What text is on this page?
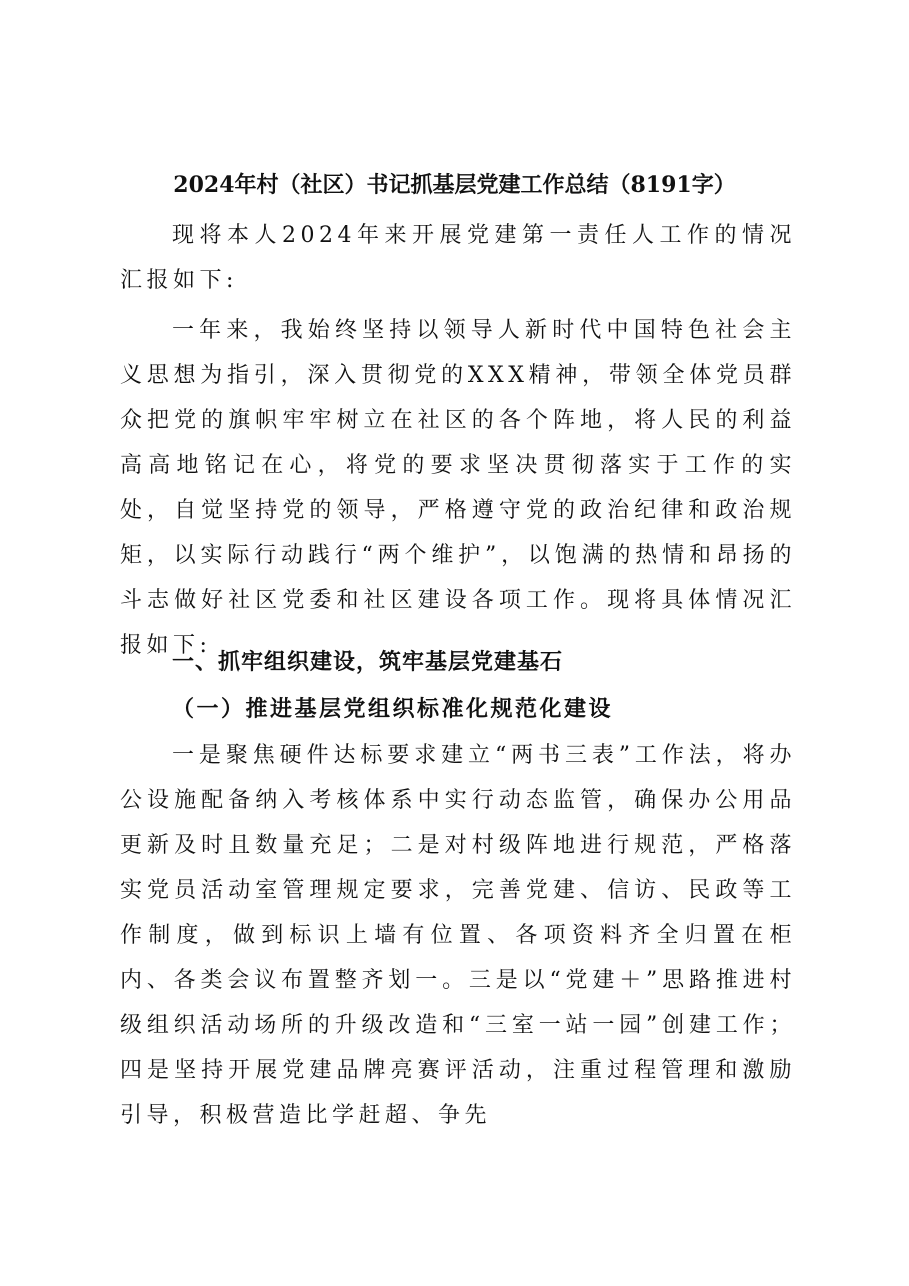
2024年村（社区）书记抓基层党建工作总结（8191字）

现将本人2024年来开展党建第一责任人工作的情况汇报如下:

一年来，我始终坚持以领导人新时代中国特色社会主义思想为指引，深入贯彻党的XXX精神，带领全体党员群众把党的旗帜牢牢树立在社区的各个阵地，将人民的利益高高地铭记在心，将党的要求坚决贯彻落实于工作的实处，自觉坚持党的领导，严格遵守党的政治纪律和政治规矩，以实际行动践行“两个维护”，以饱满的热情和昂扬的斗志做好社区党委和社区建设各项工作。现将具体情况汇报如下:

一、抓牢组织建设，筑牢基层党建基石
（一）推进基层党组织标准化规范化建设

一是聚焦硬件达标要求建立“两书三表”工作法，将办公设施配备纳入考核体系中实行动态监管，确保办公用品更新及时且数量充足；二是对村级阵地进行规范，严格落实党员活动室管理规定要求，完善党建、信访、民政等工作制度，做到标识上墙有位置、各项资料齐全归置在柜内、各类会议布置整齐划一。三是以“党建＋”思路推进村级组织活动场所的升级改造和“三室一站一园”创建工作；四是坚持开展党建品牌亮赛评活动，注重过程管理和激励引导，积极营造比学赶超、争先
